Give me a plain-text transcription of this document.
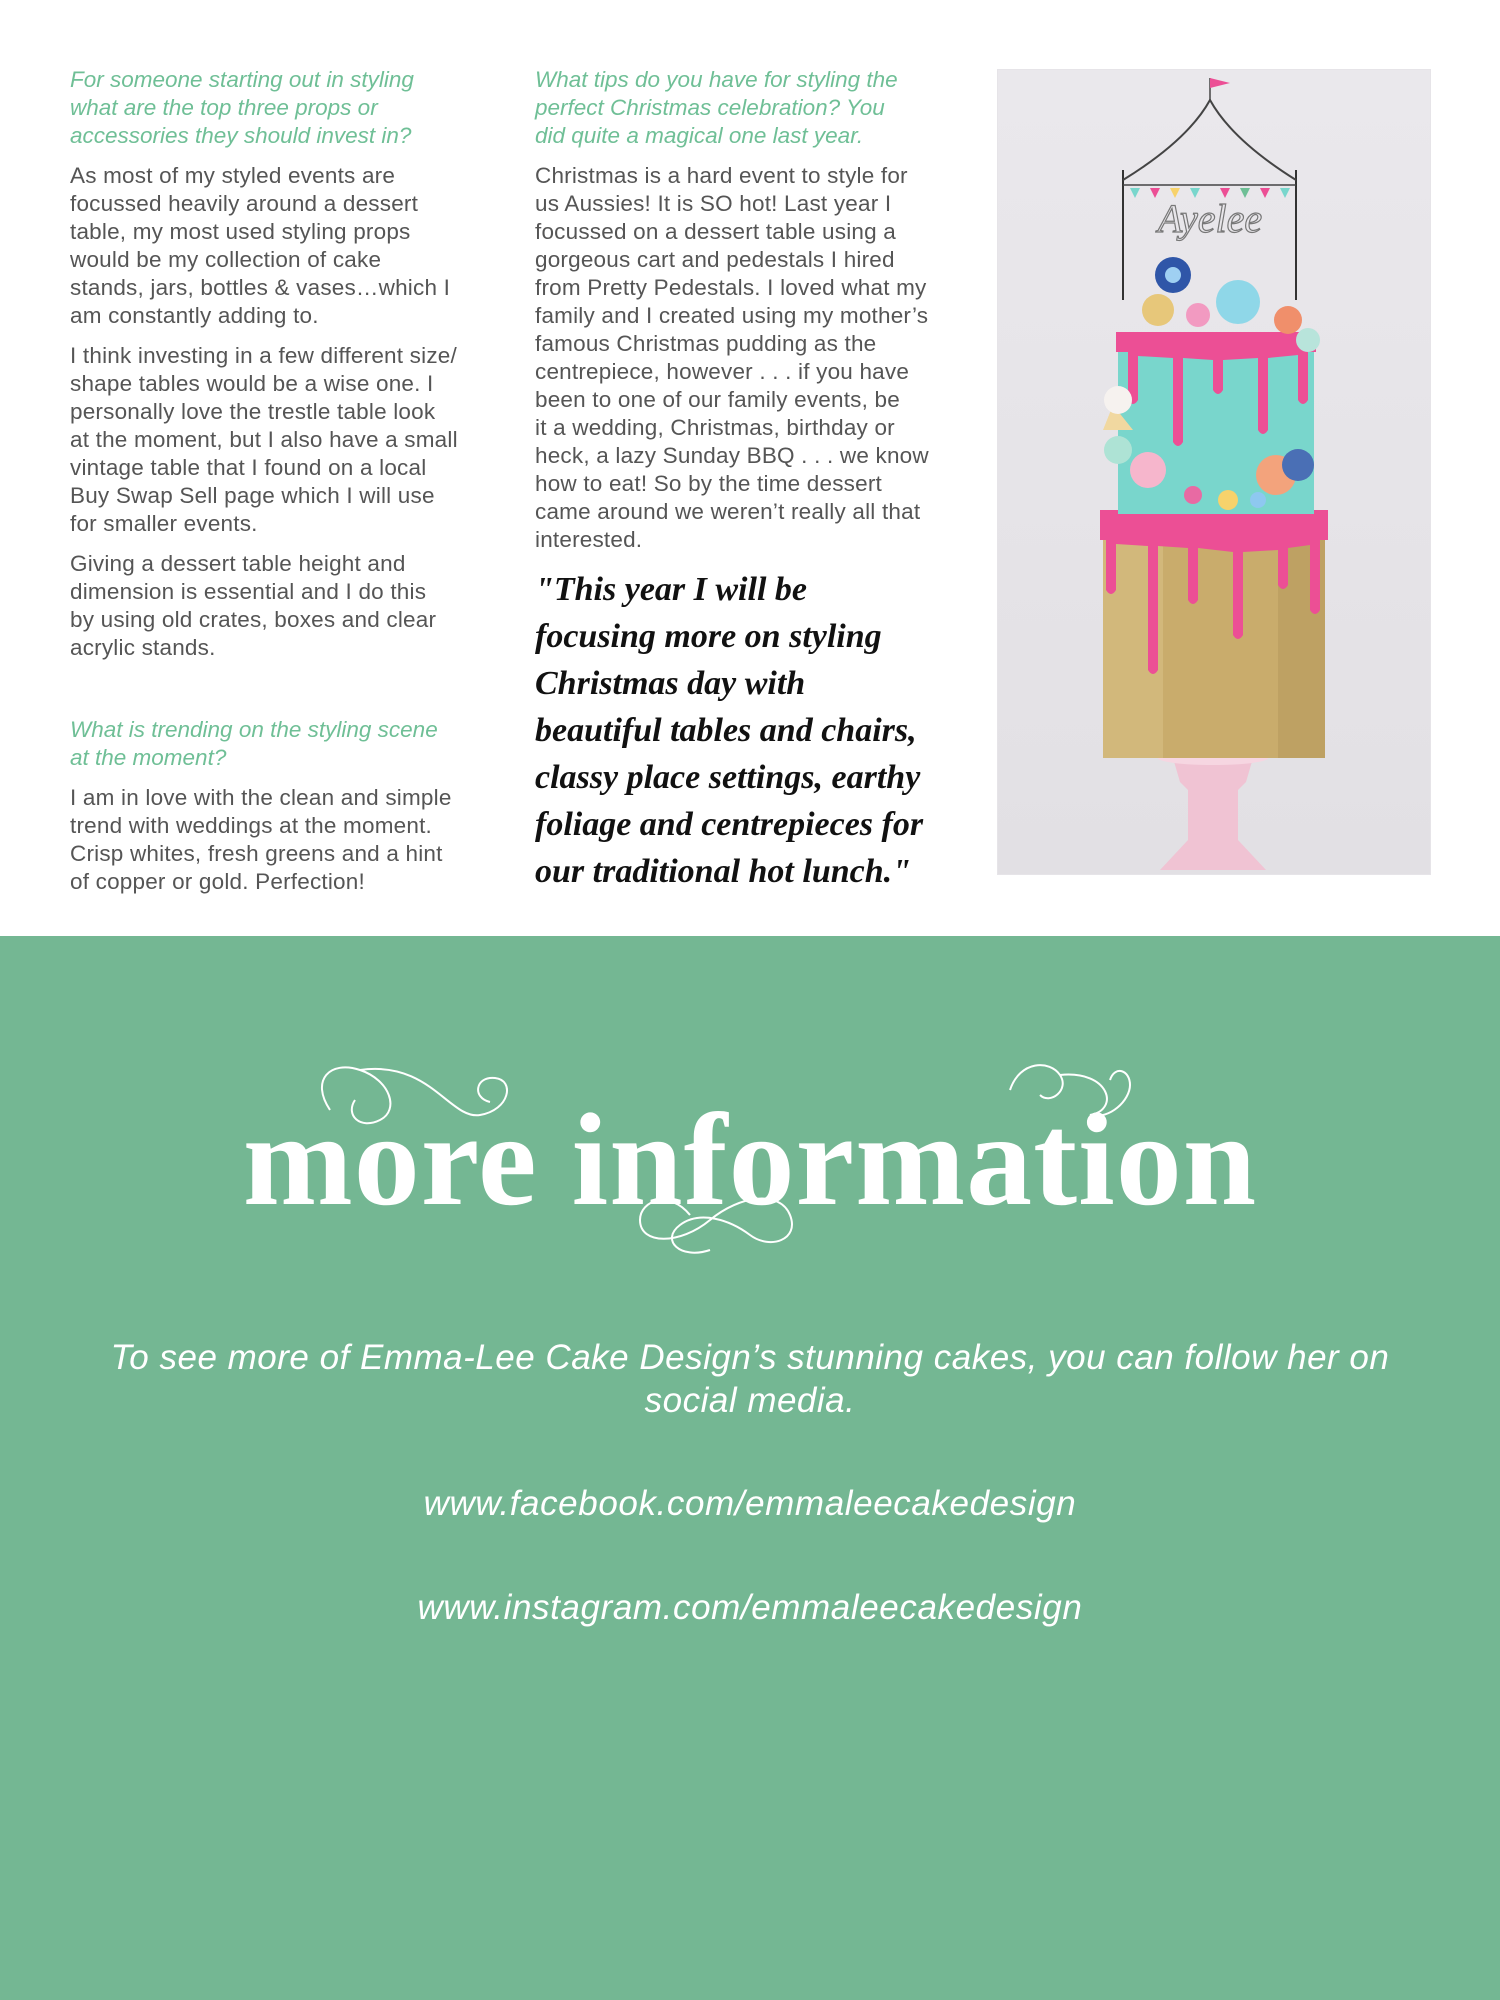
For someone starting out in styling
what are the top three props or
accessories they should invest in?

As most of my styled events are
focussed heavily around a dessert
table, my most used styling props
would be my collection of cake
stands, jars, bottles & vases…which I
am constantly adding to.

I think investing in a few different size/
shape tables would be a wise one. I
personally love the trestle table look
at the moment, but I also have a small
vintage table that I found on a local
Buy Swap Sell page which I will use
for smaller events.

Giving a dessert table height and
dimension is essential and I do this
by using old crates, boxes and clear
acrylic stands.

What is trending on the styling scene
at the moment?

I am in love with the clean and simple
trend with weddings at the moment.
Crisp whites, fresh greens and a hint
of copper or gold. Perfection!

What tips do you have for styling the
perfect Christmas celebration? You
did quite a magical one last year.

Christmas is a hard event to style for
us Aussies! It is SO hot! Last year I
focussed on a dessert table using a
gorgeous cart and pedestals I hired
from Pretty Pedestals. I loved what my
family and I created using my mother’s
famous Christmas pudding as the
centrepiece, however . . . if you have
been to one of our family events, be
it a wedding, Christmas, birthday or
heck, a lazy Sunday BBQ . . . we know
how to eat! So by the time dessert
came around we weren’t really all that
interested.

"This year I will be
focusing more on styling
Christmas day with
beautiful tables and chairs,
classy place settings, earthy
foliage and centrepieces for
our traditional hot lunch."

Ayelee
more information

To see more of Emma-Lee Cake Design’s stunning cakes, you can follow her on social media.

www.facebook.com/emmaleecakedesign

www.instagram.com/emmaleecakedesign
